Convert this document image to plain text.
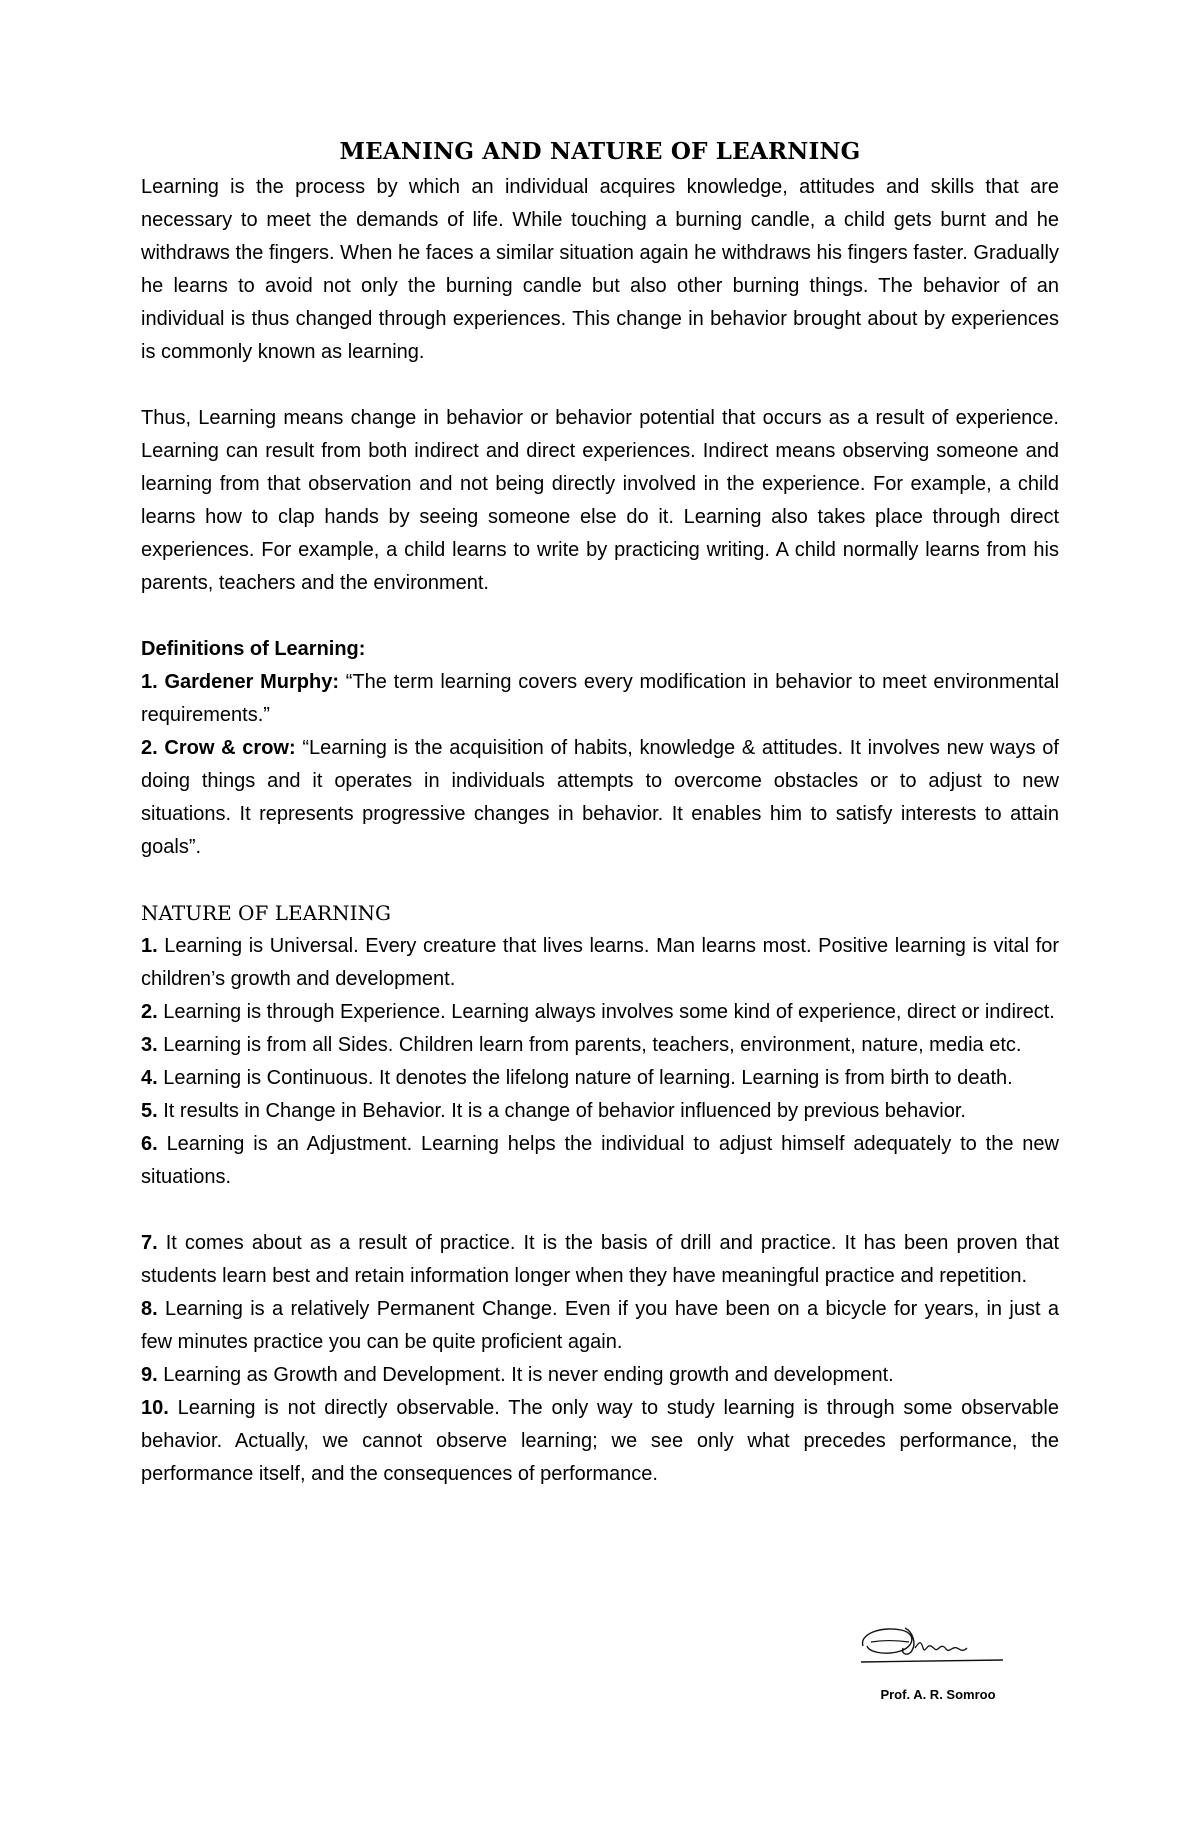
MEANING AND NATURE OF LEARNING

Learning is the process by which an individual acquires knowledge, attitudes and skills that are necessary to meet the demands of life. While touching a burning candle, a child gets burnt and he withdraws the fingers. When he faces a similar situation again he withdraws his fingers faster. Gradually he learns to avoid not only the burning candle but also other burning things. The behavior of an individual is thus changed through experiences. This change in behavior brought about by experiences is commonly known as learning.

Thus, Learning means change in behavior or behavior potential that occurs as a result of experience. Learning can result from both indirect and direct experiences. Indirect means observing someone and learning from that observation and not being directly involved in the experience. For example, a child learns how to clap hands by seeing someone else do it. Learning also takes place through direct experiences. For example, a child learns to write by practicing writing. A child normally learns from his parents, teachers and the environment.

Definitions of Learning:

1. Gardener Murphy: “The term learning covers every modification in behavior to meet environmental requirements.”

2. Crow & crow: “Learning is the acquisition of habits, knowledge & attitudes. It involves new ways of doing things and it operates in individuals attempts to overcome obstacles or to adjust to new situations. It represents progressive changes in behavior. It enables him to satisfy interests to attain goals”.

NATURE OF LEARNING

1. Learning is Universal. Every creature that lives learns. Man learns most. Positive learning is vital for children’s growth and development.

2. Learning is through Experience. Learning always involves some kind of experience, direct or indirect.

3. Learning is from all Sides. Children learn from parents, teachers, environment, nature, media etc.

4. Learning is Continuous. It denotes the lifelong nature of learning. Learning is from birth to death.

5. It results in Change in Behavior. It is a change of behavior influenced by previous behavior.

6. Learning is an Adjustment. Learning helps the individual to adjust himself adequately to the new situations.

7. It comes about as a result of practice. It is the basis of drill and practice. It has been proven that students learn best and retain information longer when they have meaningful practice and repetition.

8. Learning is a relatively Permanent Change. Even if you have been on a bicycle for years, in just a few minutes practice you can be quite proficient again.

9. Learning as Growth and Development. It is never ending growth and development.

10. Learning is not directly observable. The only way to study learning is through some observable behavior. Actually, we cannot observe learning; we see only what precedes performance, the performance itself, and the consequences of performance.

Prof. A. R. Somroo
